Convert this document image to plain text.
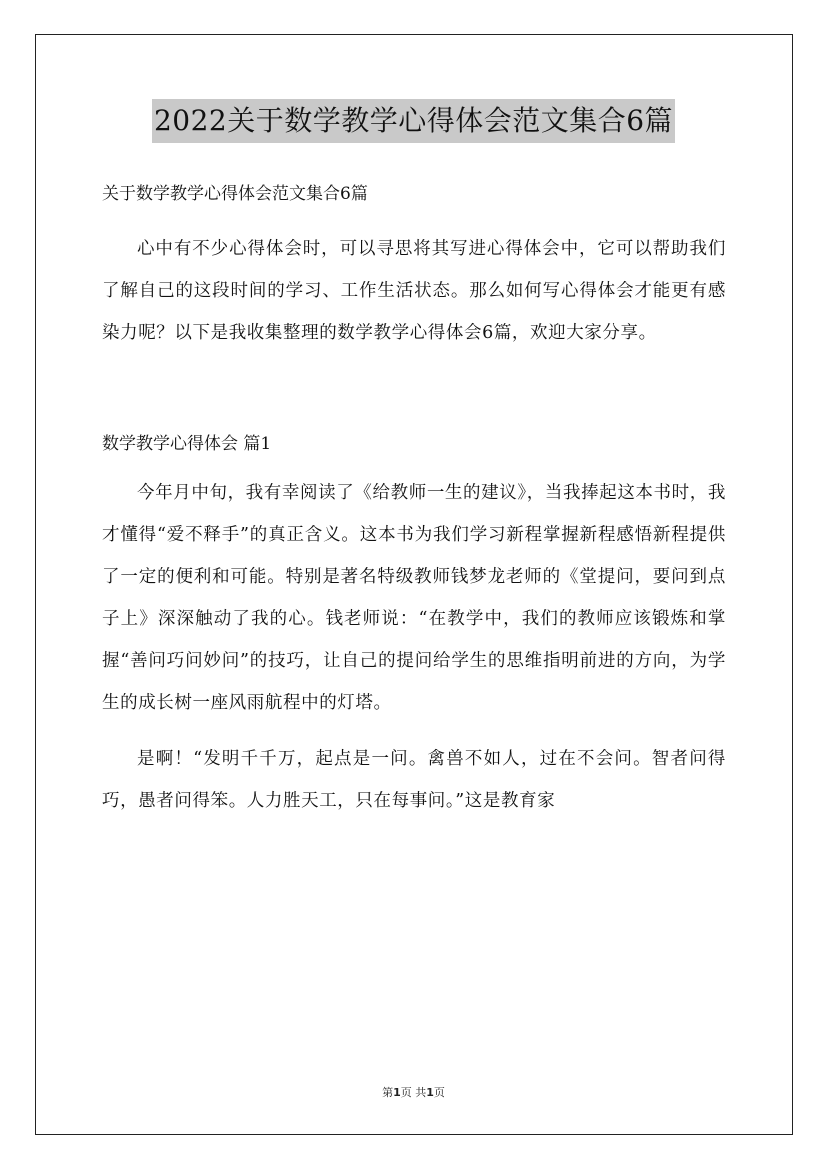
2022关于数学教学心得体会范文集合6篇

关于数学教学心得体会范文集合6篇

心中有不少心得体会时，可以寻思将其写进心得体会中，它可以帮助我们了解自己的这段时间的学习、工作生活状态。那么如何写心得体会才能更有感染力呢？以下是我收集整理的数学教学心得体会6篇，欢迎大家分享。

数学教学心得体会 篇1

今年月中旬，我有幸阅读了《给教师一生的建议》，当我捧起这本书时，我才懂得“爱不释手”的真正含义。这本书为我们学习新程掌握新程感悟新程提供了一定的便利和可能。特别是著名特级教师钱梦龙老师的《堂提问，要问到点子上》深深触动了我的心。钱老师说：“在教学中，我们的教师应该锻炼和掌握“善问巧问妙问”的技巧，让自己的提问给学生的思维指明前进的方向，为学生的成长树一座风雨航程中的灯塔。

是啊！“发明千千万，起点是一问。禽兽不如人，过在不会问。智者问得巧，愚者问得笨。人力胜天工，只在每事问。”这是教育家

第1页 共1页
